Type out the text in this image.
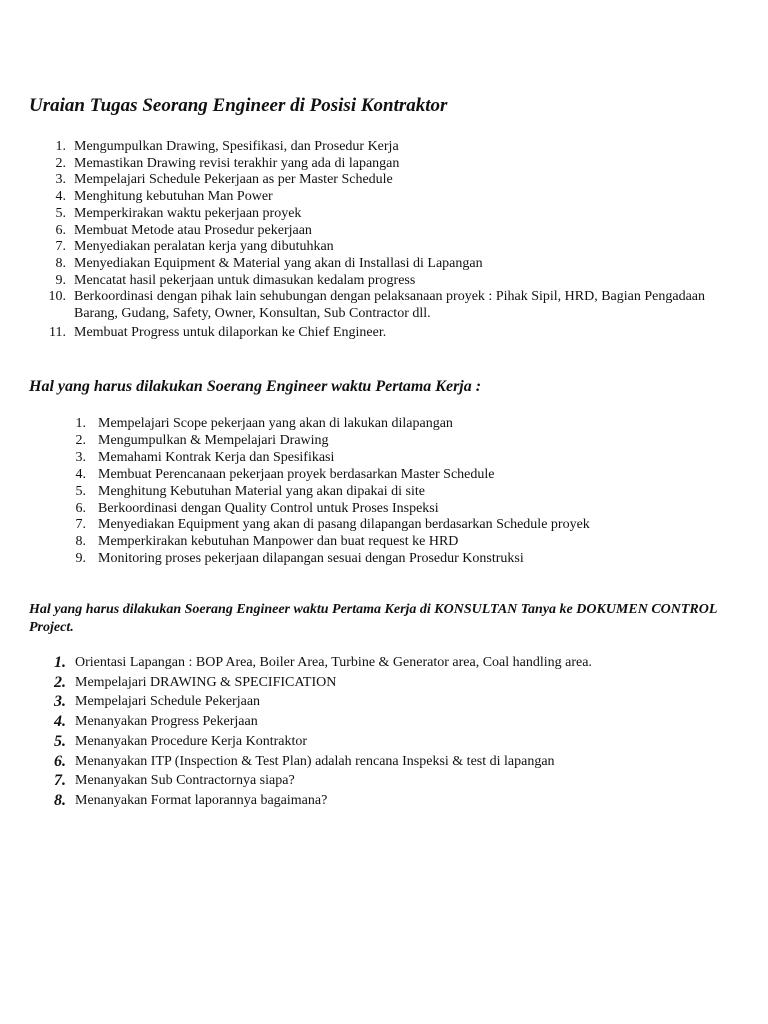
Uraian Tugas Seorang Engineer di Posisi Kontraktor
1. Mengumpulkan Drawing, Spesifikasi, dan Prosedur Kerja
2. Memastikan Drawing revisi terakhir yang ada di lapangan
3. Mempelajari Schedule Pekerjaan as per Master Schedule
4. Menghitung kebutuhan Man Power
5. Memperkirakan waktu pekerjaan proyek
6. Membuat Metode atau Prosedur pekerjaan
7. Menyediakan peralatan kerja yang dibutuhkan
8. Menyediakan Equipment & Material yang akan di Installasi di Lapangan
9. Mencatat hasil pekerjaan untuk dimasukan kedalam progress
10. Berkoordinasi dengan pihak lain sehubungan dengan pelaksanaan proyek : Pihak Sipil, HRD, Bagian Pengadaan Barang, Gudang, Safety, Owner, Konsultan, Sub Contractor dll.
11. Membuat Progress untuk dilaporkan ke Chief Engineer.
Hal yang harus dilakukan Soerang Engineer waktu Pertama Kerja :
1. Mempelajari Scope pekerjaan yang akan di lakukan dilapangan
2. Mengumpulkan & Mempelajari Drawing
3. Memahami Kontrak Kerja dan Spesifikasi
4. Membuat Perencanaan pekerjaan proyek berdasarkan Master Schedule
5. Menghitung Kebutuhan Material yang akan dipakai di site
6. Berkoordinasi dengan Quality Control untuk Proses Inspeksi
7. Menyediakan Equipment yang akan di pasang dilapangan berdasarkan Schedule proyek
8. Memperkirakan kebutuhan Manpower dan buat request ke HRD
9. Monitoring proses pekerjaan dilapangan sesuai dengan Prosedur Konstruksi
Hal yang harus dilakukan Soerang Engineer waktu Pertama Kerja di KONSULTAN Tanya ke DOKUMEN CONTROL Project.
1. Orientasi Lapangan : BOP Area, Boiler Area, Turbine & Generator area, Coal handling area.
2. Mempelajari DRAWING & SPECIFICATION
3. Mempelajari Schedule Pekerjaan
4. Menanyakan Progress Pekerjaan
5. Menanyakan Procedure Kerja Kontraktor
6. Menanyakan ITP (Inspection & Test Plan) adalah rencana Inspeksi & test di lapangan
7. Menanyakan Sub Contractornya siapa?
8. Menanyakan Format laporannya bagaimana?
